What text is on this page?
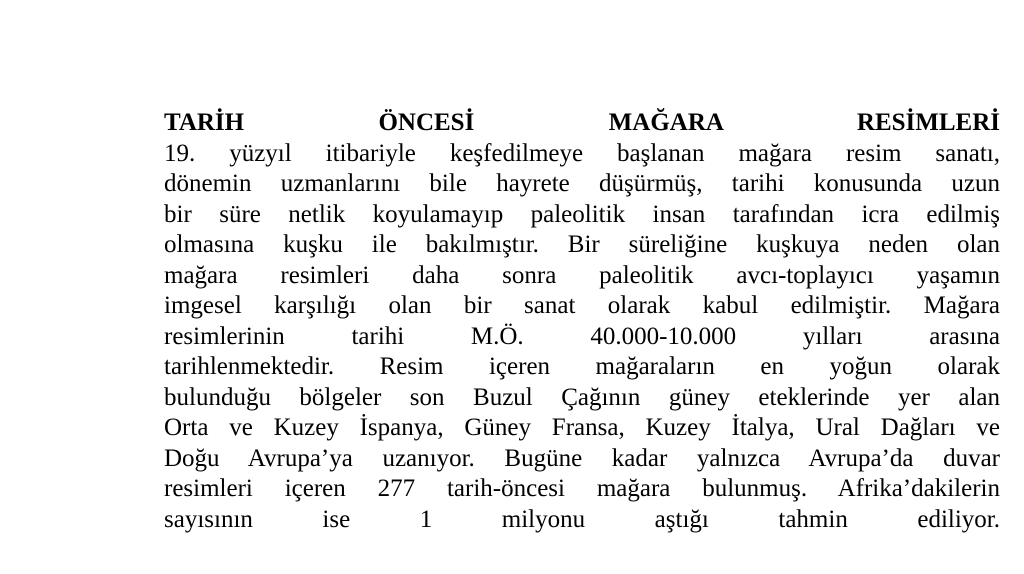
TARİH ÖNCESİ MAĞARA RESİMLERİ
19. yüzyıl itibariyle keşfedilmeye başlanan mağara resim sanatı,
dönemin uzmanlarını bile hayrete düşürmüş, tarihi konusunda uzun
bir süre netlik koyulamayıp paleolitik insan tarafından icra edilmiş
olmasına kuşku ile bakılmıştır. Bir süreliğine kuşkuya neden olan
mağara resimleri daha sonra paleolitik avcı-toplayıcı yaşamın
imgesel karşılığı olan bir sanat olarak kabul edilmiştir. Mağara
resimlerinin tarihi M.Ö. 40.000-10.000 yılları arasına
tarihlenmektedir. Resim içeren mağaraların en yoğun olarak
bulunduğu bölgeler son Buzul Çağının güney eteklerinde yer alan
Orta ve Kuzey İspanya, Güney Fransa, Kuzey İtalya, Ural Dağları ve
Doğu Avrupa’ya uzanıyor. Bugüne kadar yalnızca Avrupa’da duvar
resimleri içeren 277 tarih-öncesi mağara bulunmuş. Afrika’dakilerin
sayısının ise 1 milyonu aştığı tahmin ediliyor.
